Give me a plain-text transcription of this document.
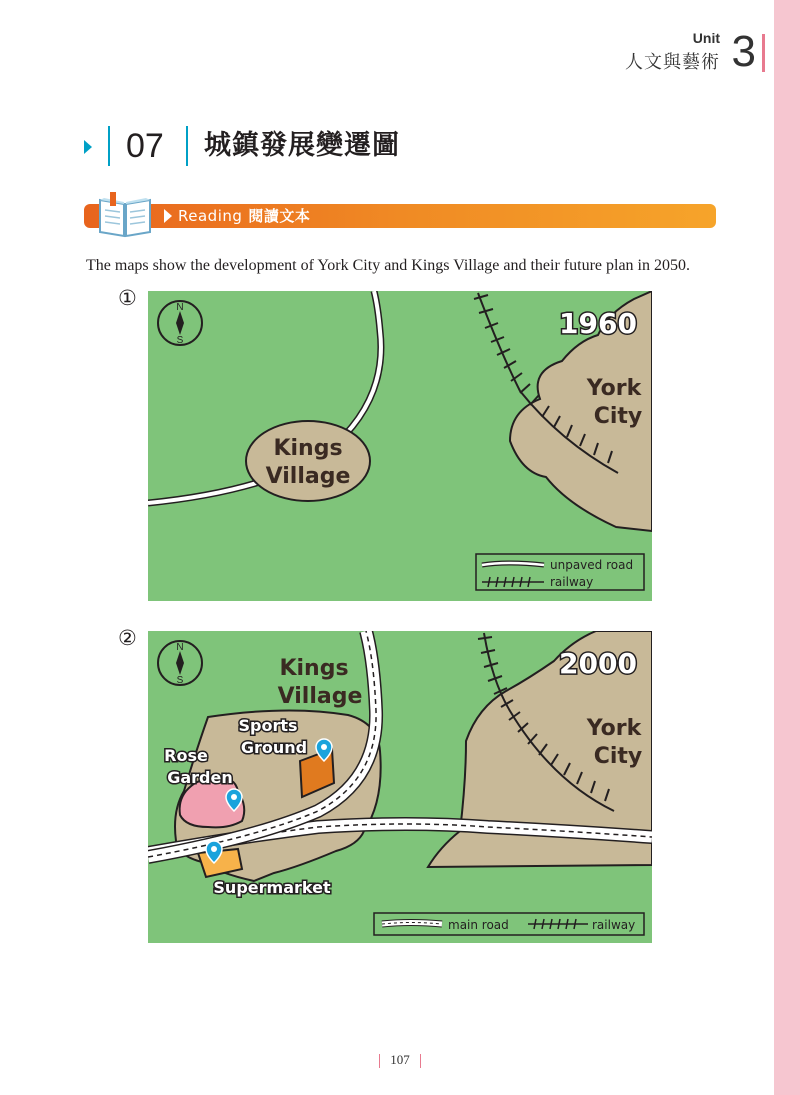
Unit
人文與藝術 3
07 城鎮發展變遷圖
Reading 閱讀文本
The maps show the development of York City and Kings Village and their future plan in 2050.
①	N
S
1960
York
City
Kings
Village
unpaved road
railway
②	N
S
2000
York
City
Kings
Village
Sports
Ground
Rose
Garden
Supermarket
main road	railway
107
